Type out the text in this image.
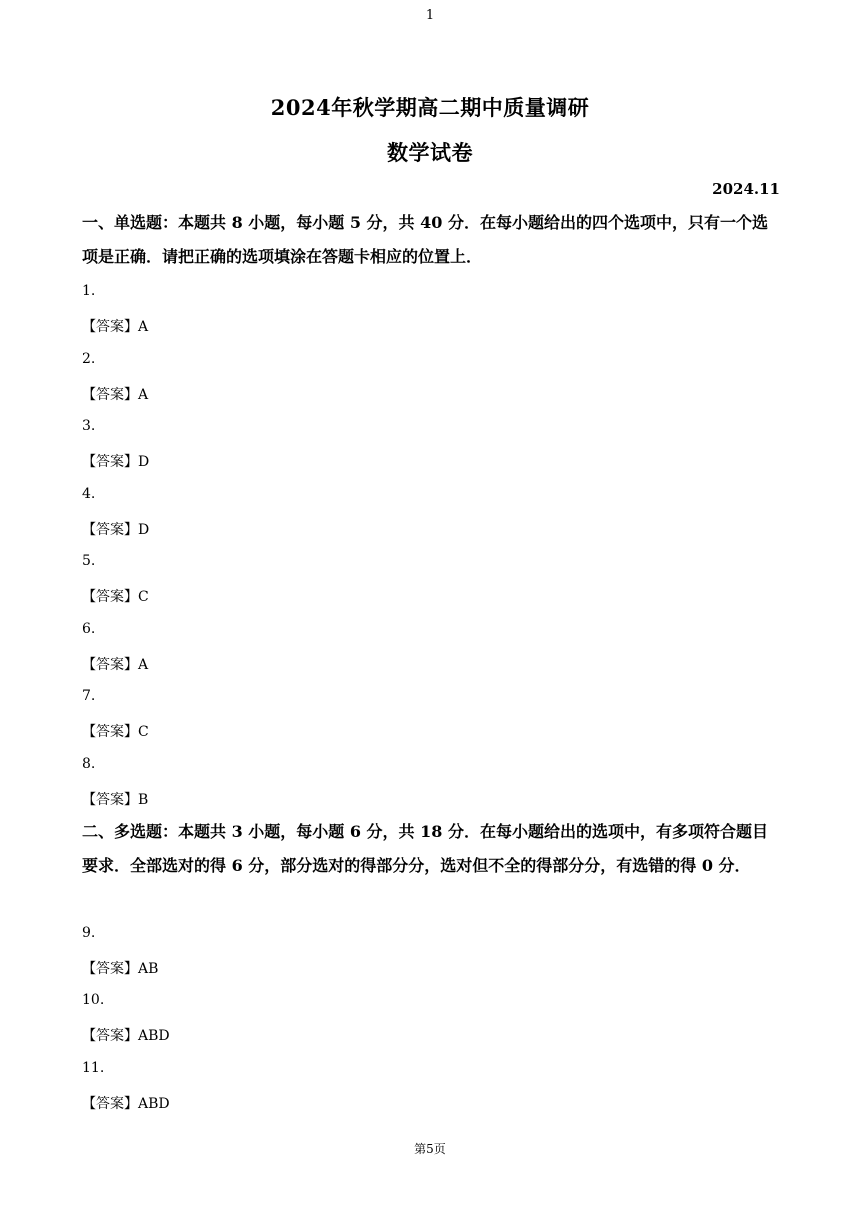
1
2024年秋学期高二期中质量调研
数学试卷
2024.11
一、单选题：本题共 8 小题，每小题 5 分，共 40 分．在每小题给出的四个选项中，只有一个选项是正确．请把正确的选项填涂在答题卡相应的位置上．
1.
【答案】A
2.
【答案】A
3.
【答案】D
4.
【答案】D
5.
【答案】C
6.
【答案】A
7.
【答案】C
8.
【答案】B
二、多选题：本题共 3 小题，每小题 6 分，共 18 分．在每小题给出的选项中，有多项符合题目要求．全部选对的得 6 分，部分选对的得部分分，选对但不全的得部分分，有选错的得 0 分．
9.
【答案】AB
10.
【答案】ABD
11.
【答案】ABD
第5页
